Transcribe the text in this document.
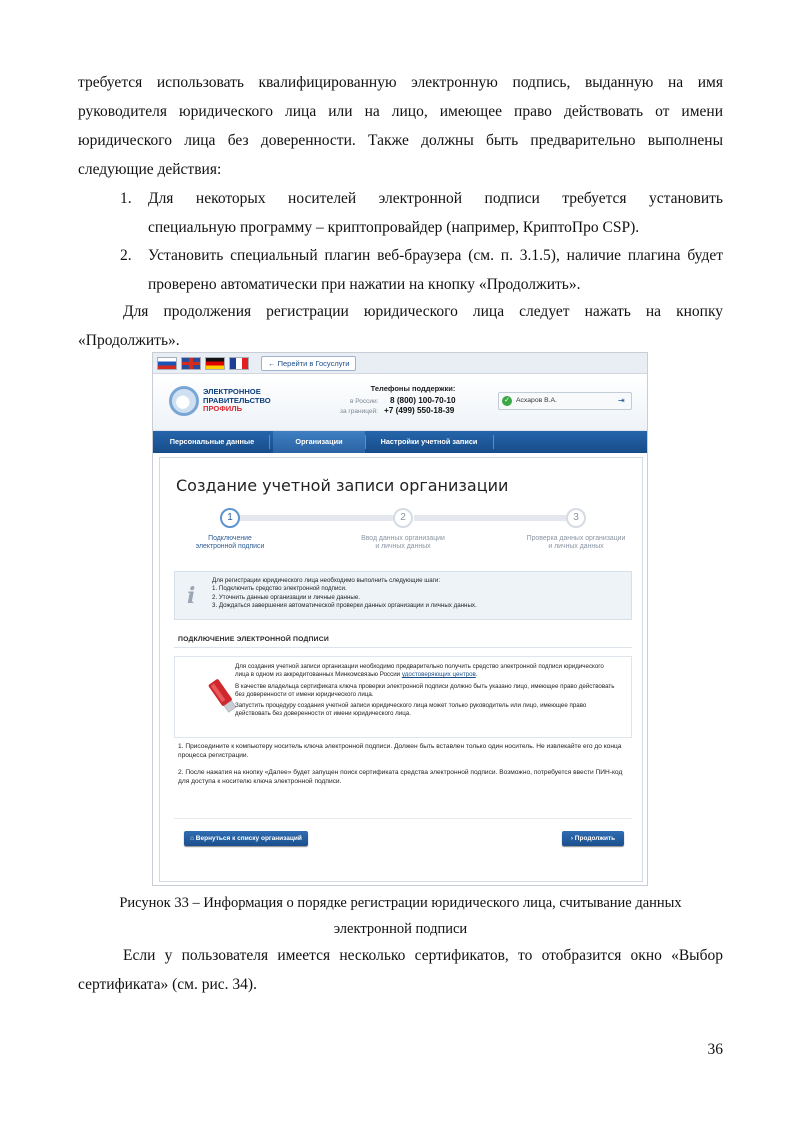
требуется использовать квалифицированную электронную подпись, выданную на имя
руководителя юридического лица или на лицо, имеющее право действовать от имени
юридического лица без доверенности. Также должны быть предварительно выполнены
следующие действия:
1. Для некоторых носителей электронной подписи требуется установить
специальную программу – криптопровайдер (например, КриптоПро CSP).
2. Установить специальный плагин веб-браузера (см. п. 3.1.5), наличие плагина будет
проверено автоматически при нажатии на кнопку «Продолжить».
Для продолжения регистрации юридического лица следует нажать на кнопку
«Продолжить».
← Перейти в Госуслуги
ЭЛЕКТРОННОЕ
ПРАВИТЕЛЬСТВО
ПРОФИЛЬ
Телефоны поддержки:
в России: 8 (800) 100-70-10
за границей: +7 (499) 550-18-39
✓ Асхаров В.А.	⇥
Персональные данные	Организации	Настройки учетной записи
Создание учетной записи организации
1	2	3
Подключение
электронной подписи
Ввод данных организации
и личных данных
Проверка данных организации
и личных данных
i
Для регистрации юридического лица необходимо выполнить следующие шаги:
1. Подключить средство электронной подписи.
2. Уточнить данные организации и личные данные.
3. Дождаться завершения автоматической проверки данных организации и личных данных.
ПОДКЛЮЧЕНИЕ ЭЛЕКТРОННОЙ ПОДПИСИ

Для создания учетной записи организации необходимо предварительно получить средство электронной подписи юридического лица в одном из аккредитованных Минкомсвязью России удостоверяющих центров.

В качестве владельца сертификата ключа проверки электронной подписи должно быть указано лицо, имеющее право действовать без доверенности от имени юридического лица.

Запустить процедуру создания учетной записи юридического лица может только руководитель или лицо, имеющее право действовать без доверенности от имени юридического лица.

1. Присоедините к компьютеру носитель ключа электронной подписи. Должен быть вставлен только один носитель. Не извлекайте его до конца процесса регистрации.

2. После нажатия на кнопку «Далее» будет запущен поиск сертификата средства электронной подписи. Возможно, потребуется ввести ПИН-код для доступа к носителю ключа электронной подписи.

⌂ Вернуться к списку организаций	› Продолжить
Рисунок 33 – Информация о порядке регистрации юридического лица, считывание данных
электронной подписи
Если у пользователя имеется несколько сертификатов, то отобразится окно «Выбор
сертификата» (см. рис. 34).
36
